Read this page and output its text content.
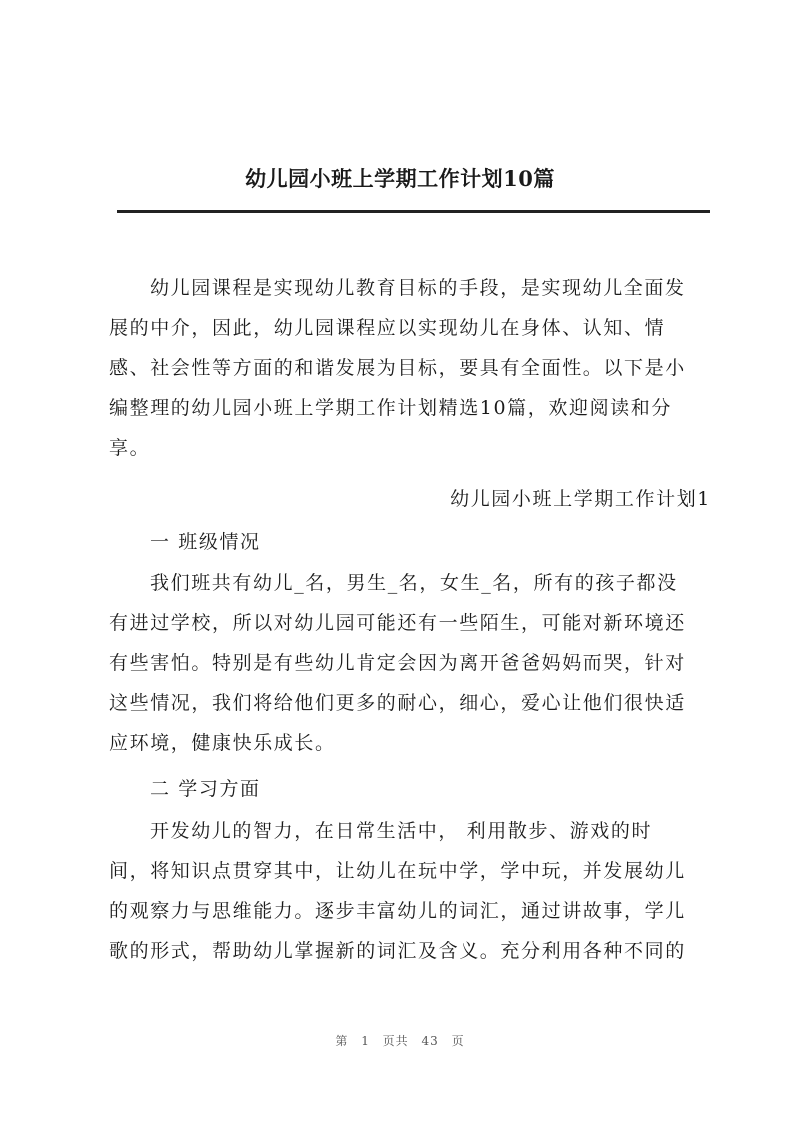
幼儿园小班上学期工作计划10篇
幼儿园课程是实现幼儿教育目标的手段，是实现幼儿全面发
展的中介，因此，幼儿园课程应以实现幼儿在身体、认知、情
感、社会性等方面的和谐发展为目标，要具有全面性。以下是小
编整理的幼儿园小班上学期工作计划精选10篇，欢迎阅读和分
享。
幼儿园小班上学期工作计划1
一 班级情况
我们班共有幼儿_名，男生_名，女生_名，所有的孩子都没
有进过学校，所以对幼儿园可能还有一些陌生，可能对新环境还
有些害怕。特别是有些幼儿肯定会因为离开爸爸妈妈而哭，针对
这些情况，我们将给他们更多的耐心，细心，爱心让他们很快适
应环境，健康快乐成长。
二 学习方面
开发幼儿的智力，在日常生活中， 利用散步、游戏的时
间，将知识点贯穿其中，让幼儿在玩中学，学中玩，并发展幼儿
的观察力与思维能力。逐步丰富幼儿的词汇，通过讲故事，学儿
歌的形式，帮助幼儿掌握新的词汇及含义。充分利用各种不同的
第 1 页共 43 页
